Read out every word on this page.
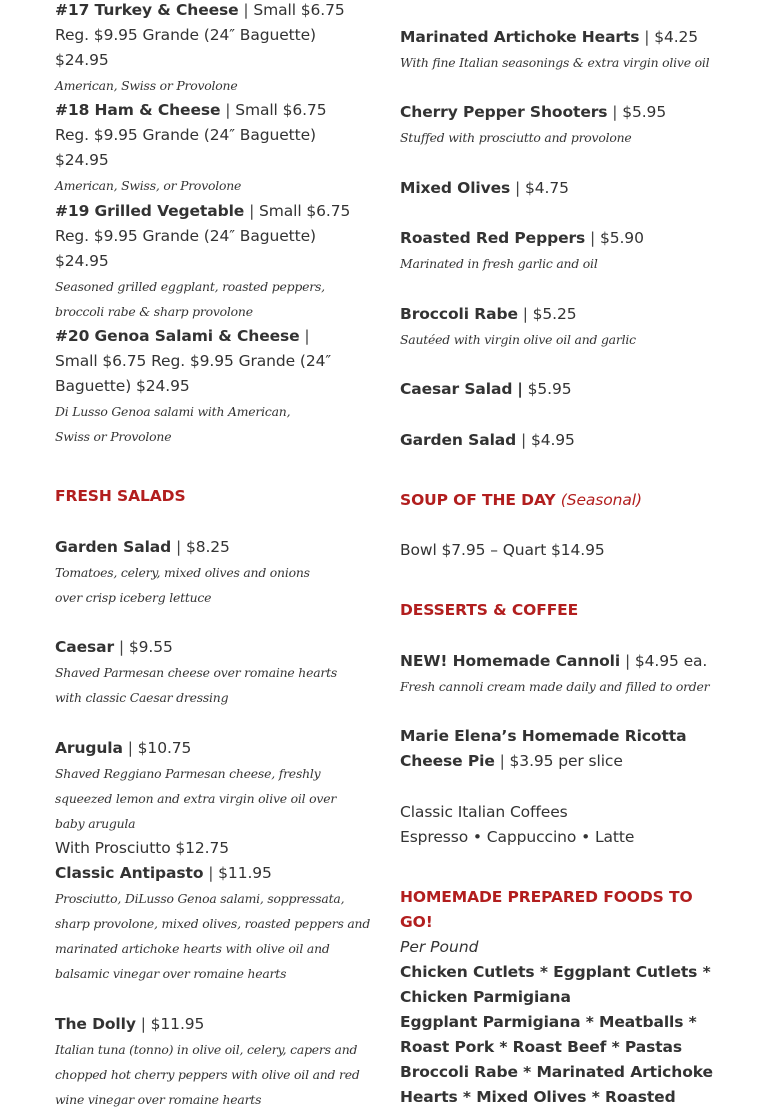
#17 Turkey & Cheese | Small $6.75 Reg. $9.95 Grande (24″ Baguette) $24.95
American, Swiss or Provolone
#18 Ham & Cheese | Small $6.75 Reg. $9.95 Grande (24″ Baguette) $24.95
American, Swiss, or Provolone
#19 Grilled Vegetable | Small $6.75 Reg. $9.95 Grande (24″ Baguette) $24.95
Seasoned grilled eggplant, roasted peppers, broccoli rabe & sharp provolone
#20 Genoa Salami & Cheese | Small $6.75 Reg. $9.95 Grande (24″ Baguette) $24.95
Di Lusso Genoa salami with American, Swiss or Provolone
FRESH SALADS
Garden Salad | $8.25
Tomatoes, celery, mixed olives and onions over crisp iceberg lettuce
Caesar | $9.55
Shaved Parmesan cheese over romaine hearts with classic Caesar dressing
Arugula | $10.75
Shaved Reggiano Parmesan cheese, freshly squeezed lemon and extra virgin olive oil over baby arugula
With Prosciutto $12.75
Classic Antipasto | $11.95
Prosciutto, DiLusso Genoa salami, soppressata, sharp provolone, mixed olives, roasted peppers and marinated artichoke hearts with olive oil and balsamic vinegar over romaine hearts
The Dolly | $11.95
Italian tuna (tonno) in olive oil, celery, capers and chopped hot cherry peppers with olive oil and red wine vinegar over romaine hearts
Marinated Artichoke Hearts | $4.25
With fine Italian seasonings & extra virgin olive oil
Cherry Pepper Shooters | $5.95
Stuffed with prosciutto and provolone
Mixed Olives | $4.75
Roasted Red Peppers | $5.90
Marinated in fresh garlic and oil
Broccoli Rabe | $5.25
Sautéed with virgin olive oil and garlic
Caesar Salad | $5.95
Garden Salad | $4.95
SOUP OF THE DAY (Seasonal)
Bowl $7.95 – Quart $14.95
DESSERTS & COFFEE
NEW! Homemade Cannoli | $4.95 ea.
Fresh cannoli cream made daily and filled to order
Marie Elena’s Homemade Ricotta Cheese Pie | $3.95 per slice
Classic Italian Coffees
Espresso • Cappuccino • Latte
HOMEMADE PREPARED FOODS TO GO!
Per Pound
Chicken Cutlets * Eggplant Cutlets *
Chicken Parmigiana
Eggplant Parmigiana * Meatballs *
Roast Pork * Roast Beef * Pastas
Broccoli Rabe * Marinated Artichoke
Hearts * Mixed Olives * Roasted
